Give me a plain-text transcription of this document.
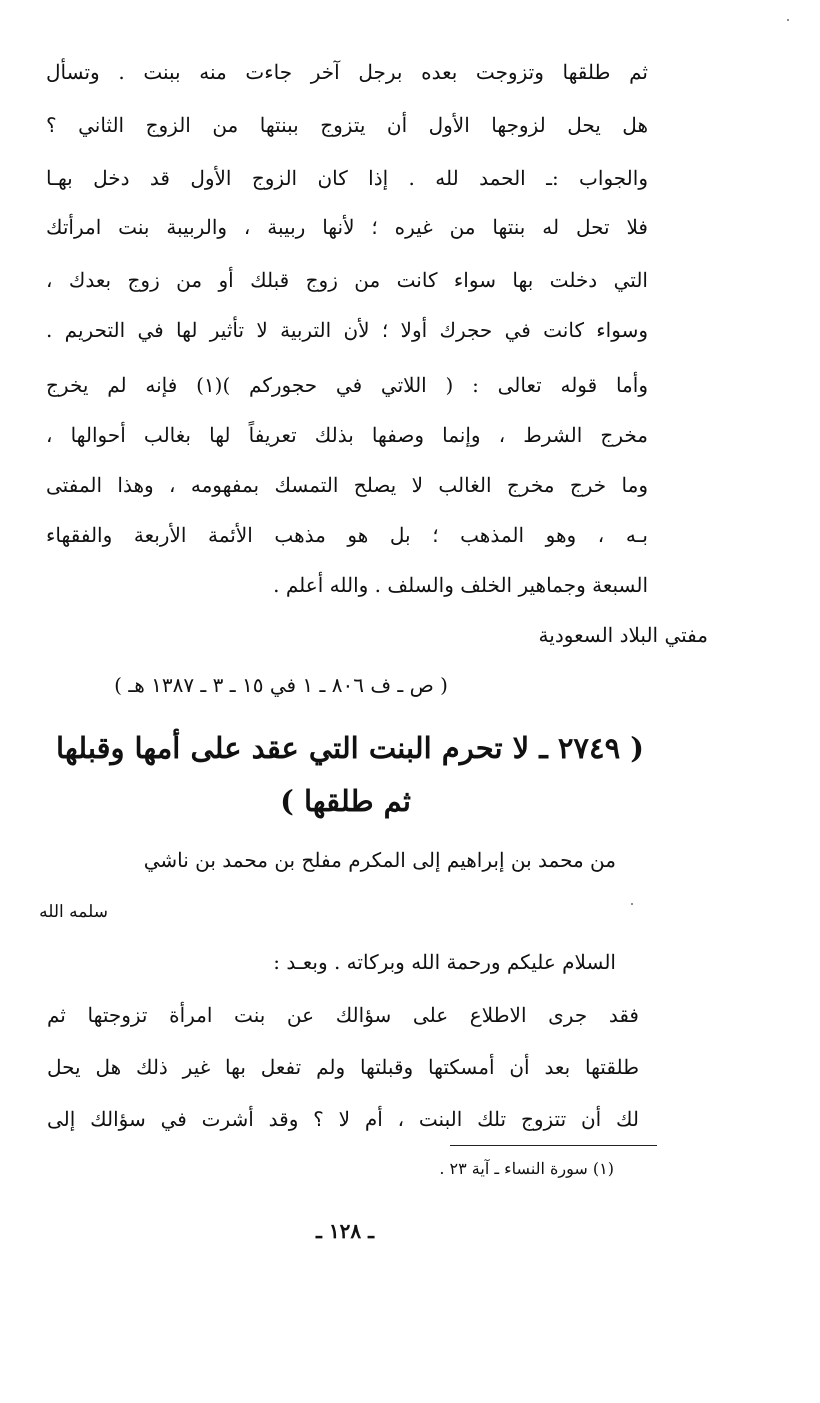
ثم طلقها وتزوجت بعده برجل آخر جاءت منه ببنت . وتسأل
هل يحل لزوجها الأول أن يتزوج ببنتها من الزوج الثاني ؟
والجواب :ـ الحمد لله . إذا كان الزوج الأول قد دخل بهـا
فلا تحل له بنتها من غيره ؛ لأنها ربيبة ، والربيبة بنت امرأتك
التي دخلت بها سواء كانت من زوج قبلك أو من زوج بعدك ،
وسواء كانت في حجرك أولا ؛ لأن التربية لا تأثير لها في التحريم .
وأما قوله تعالى : ( اللاتي في حجوركم )(١) فإنه لم يخرج
مخرج الشرط ، وإنما وصفها بذلك تعريفاً لها بغالب أحوالها ،
وما خرج مخرج الغالب لا يصلح التمسك بمفهومه ، وهذا المفتى
بـه ، وهو المذهب ؛ بل هو مذهب الأئمة الأربعة والفقهاء
السبعة وجماهير الخلف والسلف . والله أعلم .
مفتي البلاد السعودية
( ص ـ ف ٨٠٦ ـ ١ في ١٥ ـ ٣ ـ ١٣٨٧ هـ )
( ٢٧٤٩ ـ لا تحرم البنت التي عقد على أمها وقبلها
ثم طلقها )
من محمد بن إبراهيم إلى المكرم مفلح بن محمد بن ناشي
سلمه الله
السلام عليكم ورحمة الله وبركاته . وبعـد :
فقد جرى الاطلاع على سؤالك عن بنت امرأة تزوجتها ثم
طلقتها بعد أن أمسكتها وقبلتها ولم تفعل بها غير ذلك هل يحل
لك أن تتزوج تلك البنت ، أم لا ؟ وقد أشرت في سؤالك إلى
(١) سورة النساء ـ آية ٢٣ .
ـ ١٢٨ ـ
